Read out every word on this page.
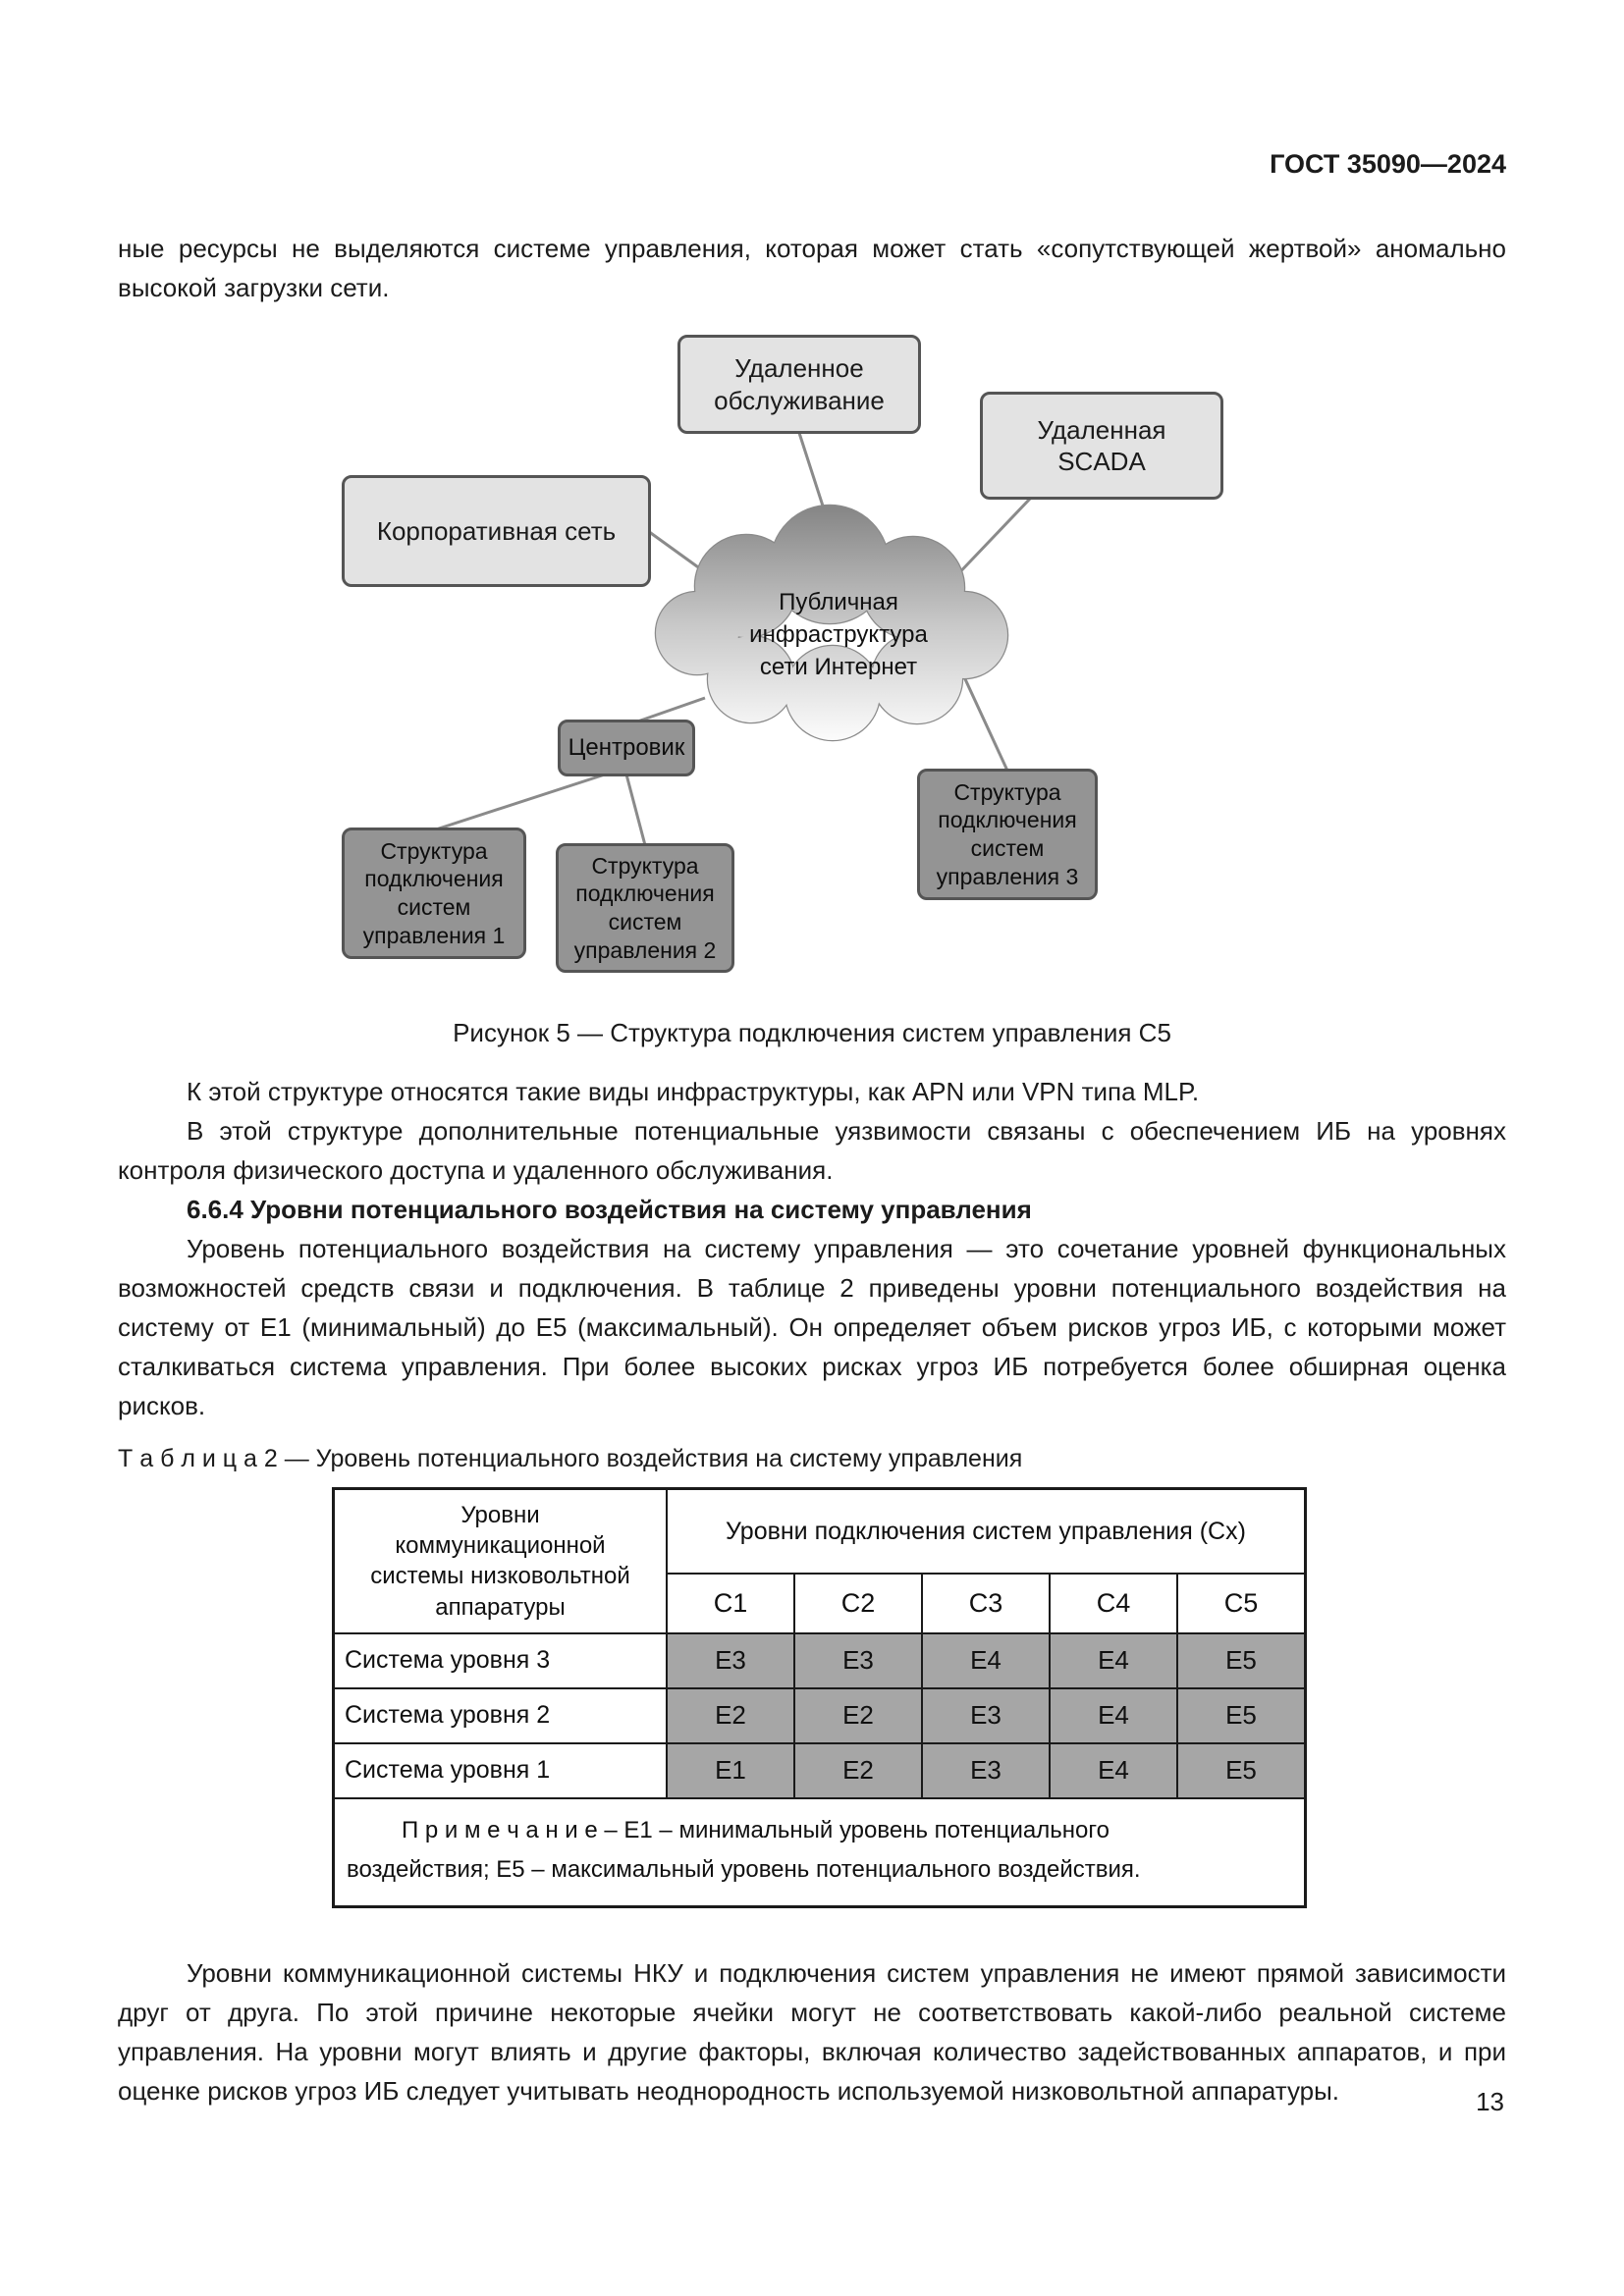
ГОСТ 35090—2024

ные ресурсы не выделяются системе управления, которая может стать «сопутствующей жертвой» аномально высокой загрузки сети.

Публичная инфраструктура сети Интернет
Удаленное обслуживание
Удаленная SCADA
Корпоративная сеть
Центровик
Структура подключения систем управления 1
Структура подключения систем управления 2
Структура подключения систем управления 3
Рисунок 5 — Структура подключения систем управления С5

К этой структуре относятся такие виды инфраструктуры, как APN или VPN типа MLP.

В этой структуре дополнительные потенциальные уязвимости связаны с обеспечением ИБ на уровнях контроля физического доступа и удаленного обслуживания.

6.6.4 Уровни потенциального воздействия на систему управления

Уровень потенциального воздействия на систему управления — это сочетание уровней функциональных возможностей средств связи и подключения. В таблице 2 приведены уровни потенциального воздействия на систему от Е1 (минимальный) до Е5 (максимальный). Он определяет объем рисков угроз ИБ, с которыми может сталкиваться система управления. При более высоких рисках угроз ИБ потребуется более обширная оценка рисков.

Т а б л и ц а 2 — Уровень потенциального воздействия на систему управления
Уровни коммуникационной системы низковольтной аппаратуры	Уровни подключения систем управления (Сх)				
	С1	С2	С3	С4	С5
Система уровня 3	Е3	Е3	Е4	Е4	Е5
Система уровня 2	Е2	Е2	Е3	Е4	Е5
Система уровня 1	Е1	Е2	Е3	Е4	Е5
П р и м е ч а н и е – Е1 – минимальный уровень потенциального
воздействия; Е5 – максимальный уровень потенциального воздействия.					

Уровни коммуникационной системы НКУ и подключения систем управления не имеют прямой зависимости друг от друга. По этой причине некоторые ячейки могут не соответствовать какой-либо реальной системе управления. На уровни могут влиять и другие факторы, включая количество задействованных аппаратов, и при оценке рисков угроз ИБ следует учитывать неоднородность используемой низковольтной аппаратуры.	13
